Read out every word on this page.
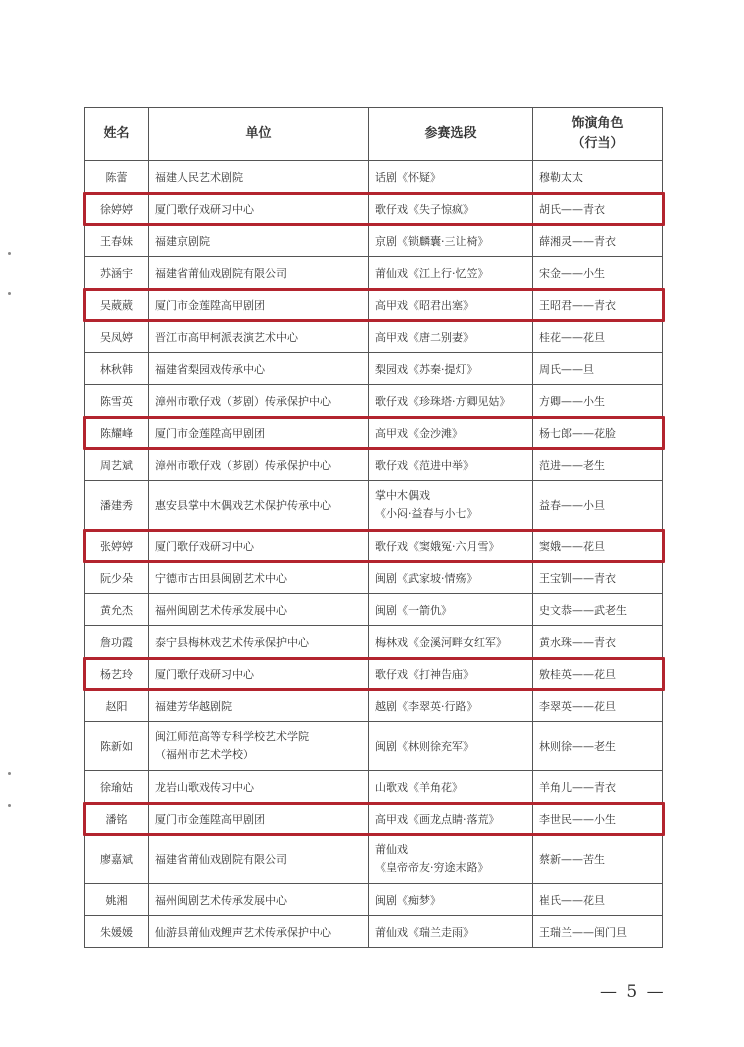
姓名	单位	参赛选段	饰演角色
（行当）
陈蕾	福建人民艺术剧院	话剧《怀疑》	穆勒太太
徐婷婷	厦门歌仔戏研习中心	歌仔戏《失子惊疯》	胡氏——青衣
王春妹	福建京剧院	京剧《锁麟囊·三让椅》	薛湘灵——青衣
苏涵宇	福建省莆仙戏剧院有限公司	莆仙戏《江上行·忆笠》	宋金——小生
吴葳葳	厦门市金莲陞高甲剧团	高甲戏《昭君出塞》	王昭君——青衣
吴凤婷	晋江市高甲柯派表演艺术中心	高甲戏《唐二别妻》	桂花——花旦
林秋韩	福建省梨园戏传承中心	梨园戏《苏秦·提灯》	周氏——旦
陈雪英	漳州市歌仔戏（芗剧）传承保护中心	歌仔戏《珍珠塔·方卿见姑》	方卿——小生
陈耀峰	厦门市金莲陞高甲剧团	高甲戏《金沙滩》	杨七郎——花脸
周艺斌	漳州市歌仔戏（芗剧）传承保护中心	歌仔戏《范进中举》	范进——老生
潘建秀	惠安县掌中木偶戏艺术保护传承中心	掌中木偶戏
《小闷·益春与小七》	益春——小旦
张婷婷	厦门歌仔戏研习中心	歌仔戏《窦娥冤·六月雪》	窦娥——花旦
阮少朵	宁德市古田县闽剧艺术中心	闽剧《武家坡·情殇》	王宝钏——青衣
黄允杰	福州闽剧艺术传承发展中心	闽剧《一箭仇》	史文恭——武老生
詹功霞	泰宁县梅林戏艺术传承保护中心	梅林戏《金溪河畔女红军》	黄水珠——青衣
杨艺玲	厦门歌仔戏研习中心	歌仔戏《打神告庙》	敫桂英——花旦
赵阳	福建芳华越剧院	越剧《李翠英·行路》	李翠英——花旦
陈新如	闽江师范高等专科学校艺术学院
（福州市艺术学校）	闽剧《林则徐充军》	林则徐——老生
徐瑜姑	龙岩山歌戏传习中心	山歌戏《羊角花》	羊角儿——青衣
潘铭	厦门市金莲陞高甲剧团	高甲戏《画龙点睛·落荒》	李世民——小生
廖嘉斌	福建省莆仙戏剧院有限公司	莆仙戏
《皇帝帝友·穷途末路》	蔡新——苦生
姚湘	福州闽剧艺术传承发展中心	闽剧《痴梦》	崔氏——花旦
朱媛媛	仙游县莆仙戏鲤声艺术传承保护中心	莆仙戏《瑞兰走雨》	王瑞兰——闺门旦
— 5 —
